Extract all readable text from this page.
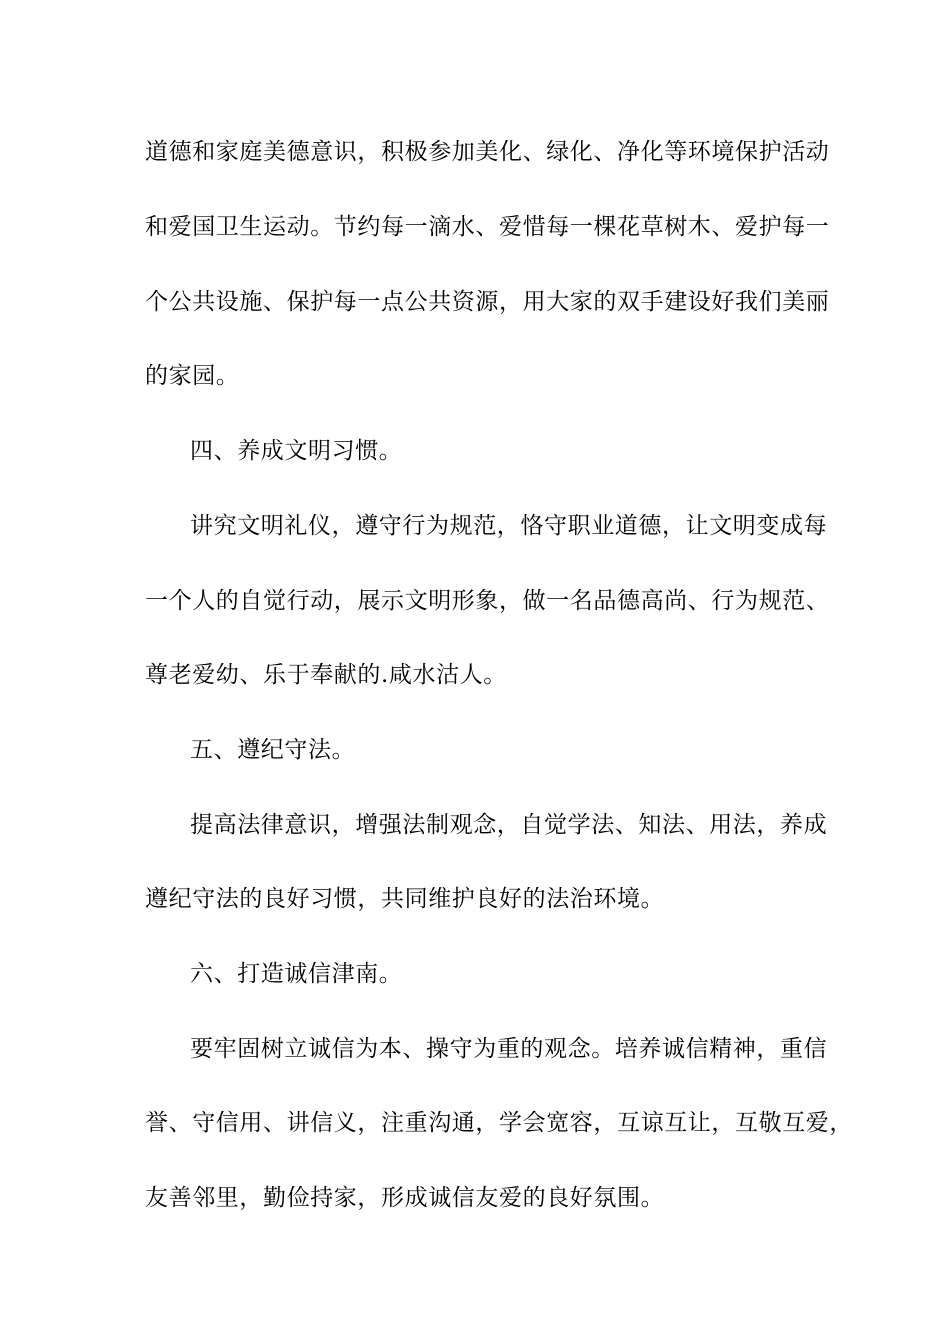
道德和家庭美德意识，积极参加美化、绿化、净化等环境保护活动
和爱国卫生运动。节约每一滴水、爱惜每一棵花草树木、爱护每一
个公共设施、保护每一点公共资源，用大家的双手建设好我们美丽
的家园。
四、养成文明习惯。
讲究文明礼仪，遵守行为规范，恪守职业道德，让文明变成每
一个人的自觉行动，展示文明形象，做一名品德高尚、行为规范、
尊老爱幼、乐于奉献的.咸水沽人。
五、遵纪守法。
提高法律意识，增强法制观念，自觉学法、知法、用法，养成
遵纪守法的良好习惯，共同维护良好的法治环境。
六、打造诚信津南。
要牢固树立诚信为本、操守为重的观念。培养诚信精神，重信
誉、守信用、讲信义，注重沟通，学会宽容，互谅互让，互敬互爱，
友善邻里，勤俭持家，形成诚信友爱的良好氛围。
